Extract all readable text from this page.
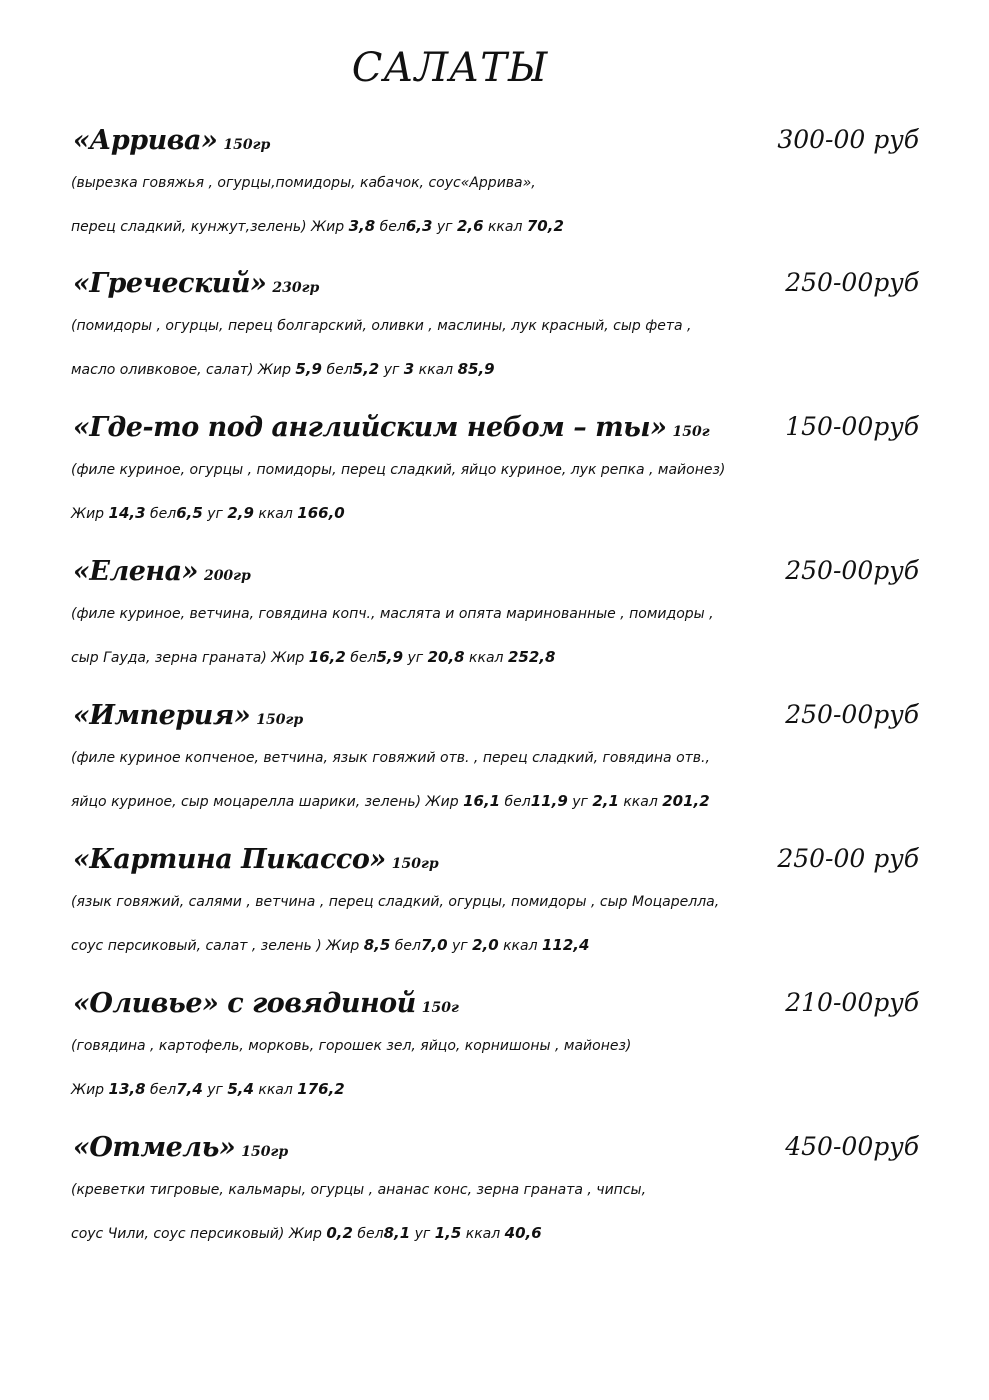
САЛАТЫ
«Аррива» 150гр	300-00 руб
(вырезка говяжья , огурцы,помидоры, кабачок, соус«Аррива»,
перец сладкий, кунжут,зелень) Жир 3,8 бел6,3 уг 2,6 ккал 70,2
«Греческий» 230гр	250-00руб
(помидоры , огурцы, перец болгарский, оливки , маслины, лук красный, сыр фета ,
масло оливковое, салат) Жир 5,9 бел5,2 уг 3 ккал 85,9
«Где-то под английским небом – ты» 150г	150-00руб
(филе куриное, огурцы , помидоры, перец сладкий, яйцо куриное, лук репка , майонез)
Жир 14,3 бел6,5 уг 2,9 ккал 166,0
«Елена» 200гр	250-00руб
(филе куриное, ветчина, говядина копч., маслята и опята маринованные , помидоры ,
сыр Гауда, зерна граната) Жир 16,2 бел5,9 уг 20,8 ккал 252,8
«Империя» 150гр	250-00руб
(филе куриное копченое, ветчина, язык говяжий отв. , перец сладкий, говядина отв.,
яйцо куриное, сыр моцарелла шарики, зелень) Жир 16,1 бел11,9 уг 2,1 ккал 201,2
«Картина Пикассо» 150гр	250-00 руб
(язык говяжий, салями , ветчина , перец сладкий, огурцы, помидоры , сыр Моцарелла,
соус персиковый, салат , зелень ) Жир 8,5 бел7,0 уг 2,0 ккал 112,4
«Оливье» с говядиной 150г	210-00руб
(говядина , картофель, морковь, горошек зел, яйцо, корнишоны , майонез)
Жир 13,8 бел7,4 уг 5,4 ккал 176,2
«Отмель» 150гр	450-00руб
(креветки тигровые, кальмары, огурцы , ананас конс, зерна граната , чипсы,
соус Чили, соус персиковый) Жир 0,2 бел8,1 уг 1,5 ккал 40,6
